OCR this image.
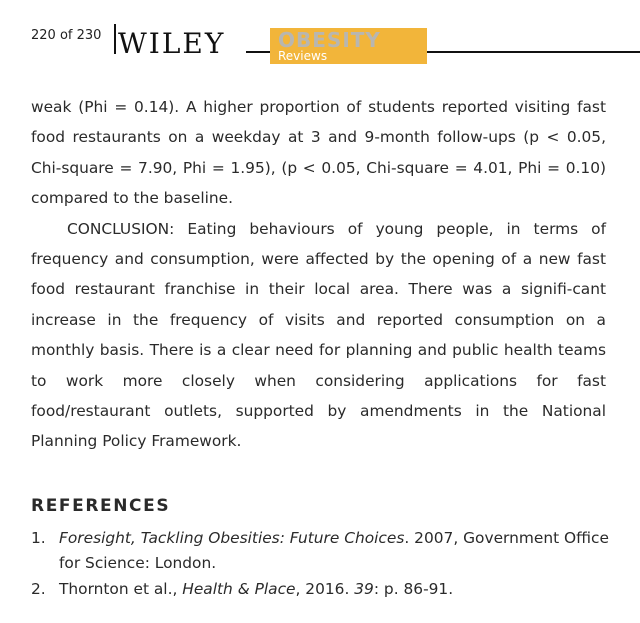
220 of 230 WILEY	OBESITY
Reviews

weak (Phi = 0.14). A higher proportion of students reported visiting fast food restaurants on a weekday at 3 and 9-month follow-ups (p < 0.05, Chi-square = 7.90, Phi = 1.95), (p < 0.05, Chi-square = 4.01, Phi = 0.10) compared to the baseline.

CONCLUSION: Eating behaviours of young people, in terms of frequency and consumption, were affected by the opening of a new fast food restaurant franchise in their local area. There was a signifi-cant increase in the frequency of visits and reported consumption on a monthly basis. There is a clear need for planning and public health teams to work more closely when considering applications for fast food/restaurant outlets, supported by amendments in the National Planning Policy Framework.

REFERENCES
1. Foresight, Tackling Obesities: Future Choices. 2007, Government Office for Science: London.
2. Thornton et al., Health & Place, 2016. 39: p. 86-91.
